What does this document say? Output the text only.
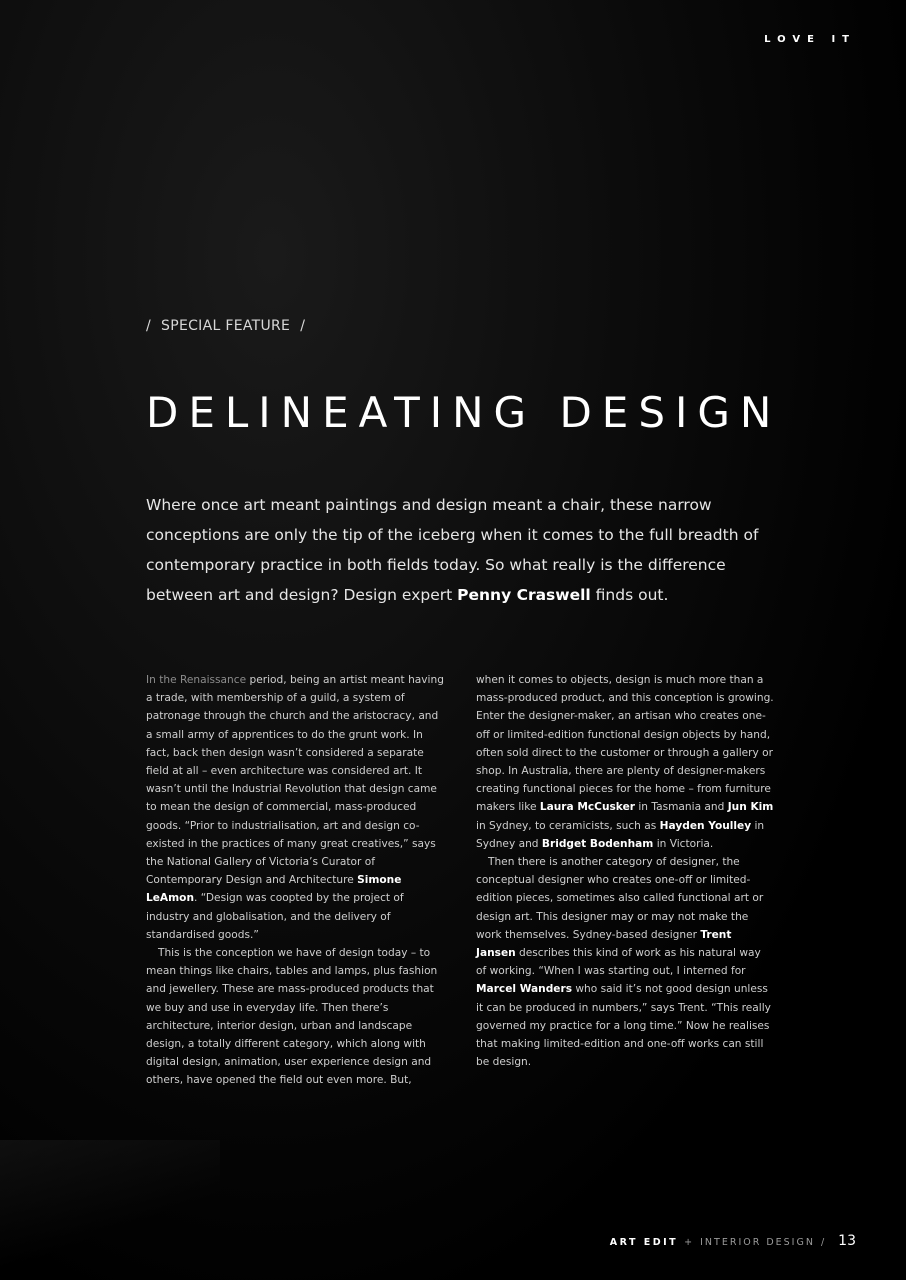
LOVE IT
/ SPECIAL FEATURE /
DELINEATING DESIGN

Where once art meant paintings and design meant a chair, these narrow conceptions are only the tip of the iceberg when it comes to the full breadth of contemporary practice in both fields today. So what really is the difference between art and design? Design expert Penny Craswell finds out.

In the Renaissance period, being an artist meant having a trade, with membership of a guild, a system of patronage through the church and the aristocracy, and a small army of apprentices to do the grunt work. In fact, back then design wasn’t considered a separate field at all – even architecture was considered art. It wasn’t until the Industrial Revolution that design came to mean the design of commercial, mass-produced goods. “Prior to industrialisation, art and design co-existed in the practices of many great creatives,” says the National Gallery of Victoria’s Curator of Contemporary Design and Architecture Simone LeAmon. “Design was coopted by the project of industry and globalisation, and the delivery of standardised goods.”

This is the conception we have of design today – to mean things like chairs, tables and lamps, plus fashion and jewellery. These are mass-produced products that we buy and use in everyday life. Then there’s architecture, interior design, urban and landscape design, a totally different category, which along with digital design, animation, user experience design and others, have opened the field out even more. But,

when it comes to objects, design is much more than a mass-produced product, and this conception is growing. Enter the designer-maker, an artisan who creates one-off or limited-edition functional design objects by hand, often sold direct to the customer or through a gallery or shop. In Australia, there are plenty of designer-makers creating functional pieces for the home – from furniture makers like Laura McCusker in Tasmania and Jun Kim in Sydney, to ceramicists, such as Hayden Youlley in Sydney and Bridget Bodenham in Victoria.

Then there is another category of designer, the conceptual designer who creates one-off or limited-edition pieces, sometimes also called functional art or design art. This designer may or may not make the work themselves. Sydney-based designer Trent Jansen describes this kind of work as his natural way of working. “When I was starting out, I interned for Marcel Wanders who said it’s not good design unless it can be produced in numbers,” says Trent. “This really governed my practice for a long time.” Now he realises that making limited-edition and one-off works can still be design.

ART EDIT + INTERIOR DESIGN / 13
